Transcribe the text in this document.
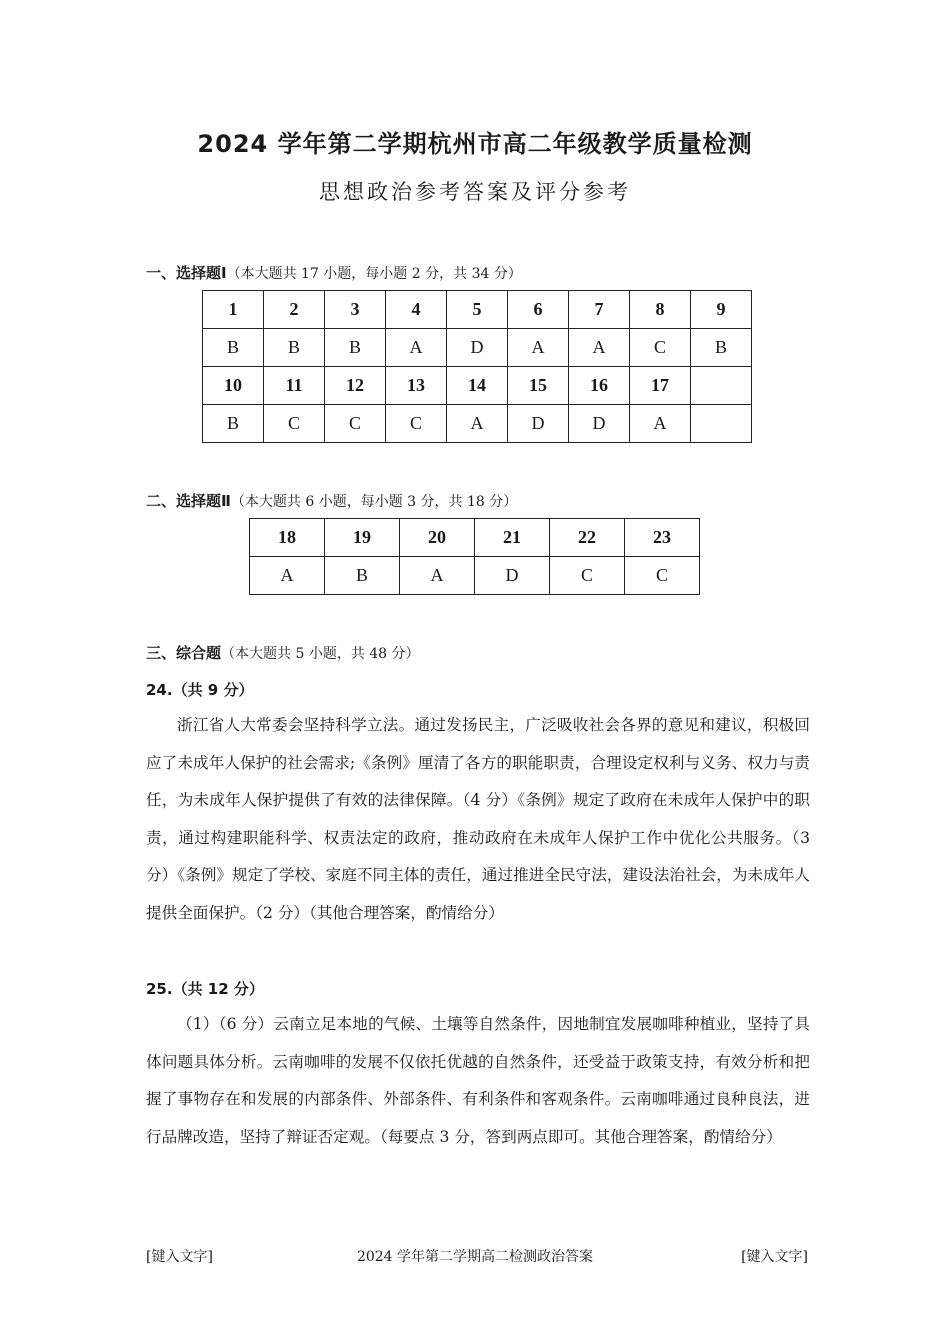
2024 学年第二学期杭州市高二年级教学质量检测
思想政治参考答案及评分参考
一、选择题Ⅰ（本大题共 17 小题，每小题 2 分，共 34 分）
1	2	3	4	5	6	7	8	9
B	B	B	A	D	A	A	C	B
10	11	12	13	14	15	16	17	
B	C	C	C	A	D	D	A	
二、选择题Ⅱ（本大题共 6 小题，每小题 3 分，共 18 分）
18	19	20	21	22	23
A	B	A	D	C	C
三、综合题（本大题共 5 小题，共 48 分）
24.（共 9 分）
浙江省人大常委会坚持科学立法。通过发扬民主，广泛吸收社会各界的意见和建议，积极回应了未成年人保护的社会需求;《条例》厘清了各方的职能职责，合理设定权利与义务、权力与责任，为未成年人保护提供了有效的法律保障。（4 分）《条例》规定了政府在未成年人保护中的职责，通过构建职能科学、权责法定的政府，推动政府在未成年人保护工作中优化公共服务。（3 分）《条例》规定了学校、家庭不同主体的责任，通过推进全民守法，建设法治社会，为未成年人提供全面保护。（2 分）（其他合理答案，酌情给分）
25.（共 12 分）
（1）（6 分）云南立足本地的气候、土壤等自然条件，因地制宜发展咖啡种植业，坚持了具体问题具体分析。云南咖啡的发展不仅依托优越的自然条件，还受益于政策支持，有效分析和把握了事物存在和发展的内部条件、外部条件、有利条件和客观条件。云南咖啡通过良种良法，进行品牌改造，坚持了辩证否定观。（每要点 3 分，答到两点即可。其他合理答案，酌情给分）
[键入文字]	2024 学年第二学期高二检测政治答案	[键入文字]
